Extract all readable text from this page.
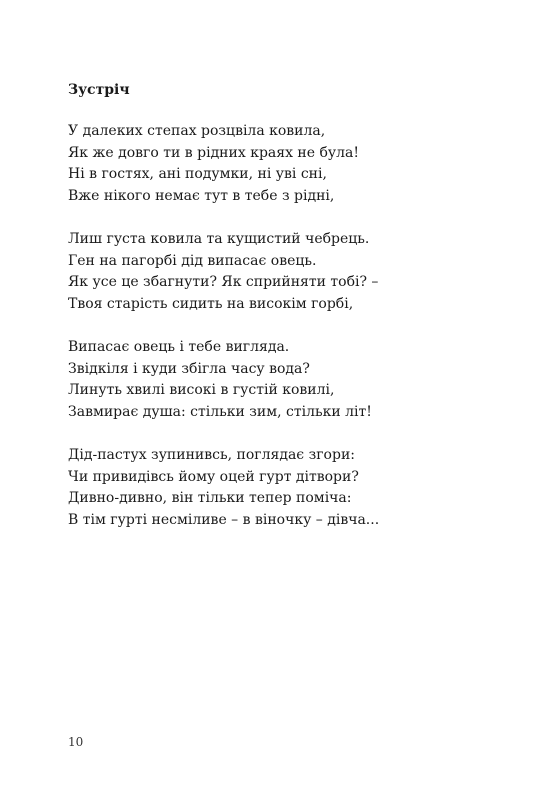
Зустріч
У далеких степах розцвіла ковила,
Як же довго ти в рідних краях не була!
Ні в гостях, ані подумки, ні уві сні,
Вже нікого немає тут в тебе з рідні,
Лиш густа ковила та кущистий чебрець.
Ген на пагорбі дід випасає овець.
Як усе це збагнути? Як сприйняти тобі? –
Твоя старість сидить на високім горбі,
Випасає овець і тебе вигляда.
Звідкіля і куди збігла часу вода?
Линуть хвилі високі в густій ковилі,
Завмирає душа: стільки зим, стільки літ!
Дід-пастух зупинивсь, поглядає згори:
Чи привидівсь йому оцей гурт дітвори?
Дивно-дивно, він тільки тепер поміча:
В тім гурті несміливе – в віночку – дівча...
10
